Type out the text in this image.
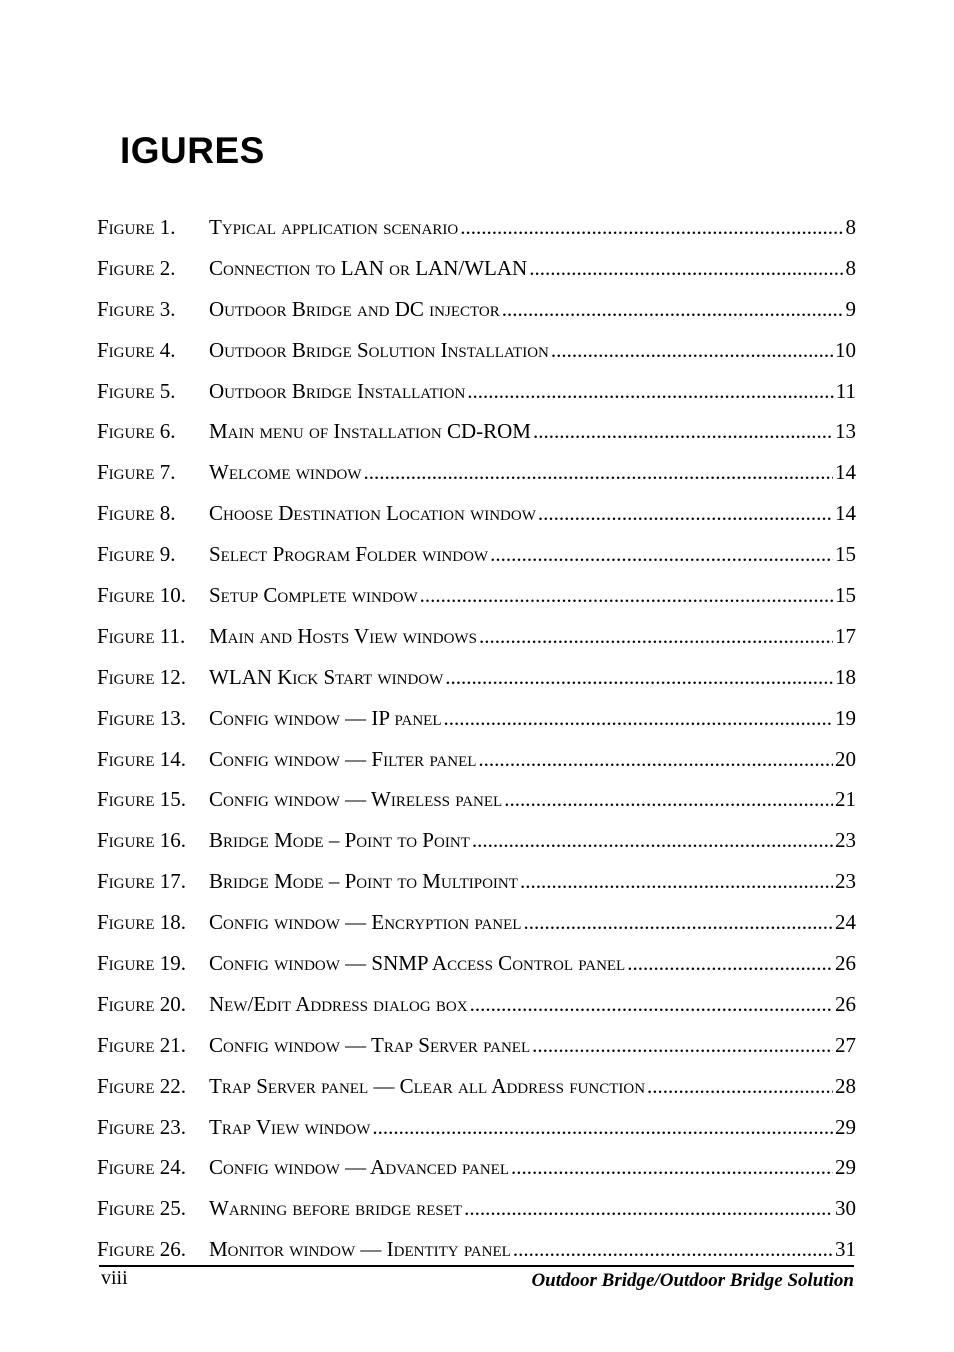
IGURES
Figure 1.	Typical application scenario .....	8
Figure 2.	Connection to LAN or LAN/WLAN .....	8
Figure 3.	Outdoor Bridge and DC injector .....	9
Figure 4.	Outdoor Bridge Solution Installation .....	10
Figure 5.	Outdoor Bridge Installation .....	11
Figure 6.	Main menu of Installation CD-ROM .....	13
Figure 7.	Welcome window .....	14
Figure 8.	Choose Destination Location window .....	14
Figure 9.	Select Program Folder window .....	15
Figure 10.	Setup Complete window .....	15
Figure 11.	Main and Hosts View windows .....	17
Figure 12.	WLAN Kick Start window .....	18
Figure 13.	Config window — IP panel .....	19
Figure 14.	Config window — Filter panel .....	20
Figure 15.	Config window — Wireless panel .....	21
Figure 16.	Bridge Mode – Point to Point .....	23
Figure 17.	Bridge Mode – Point to Multipoint .....	23
Figure 18.	Config window — Encryption panel .....	24
Figure 19.	Config window — SNMP Access Control panel .....	26
Figure 20.	New/Edit Address dialog box .....	26
Figure 21.	Config window — Trap Server panel .....	27
Figure 22.	Trap Server panel — Clear all Address function .....	28
Figure 23.	Trap View window .....	29
Figure 24.	Config window — Advanced panel .....	29
Figure 25.	Warning before bridge reset .....	30
Figure 26.	Monitor window — Identity panel .....	31
viii	Outdoor Bridge/Outdoor Bridge Solution
